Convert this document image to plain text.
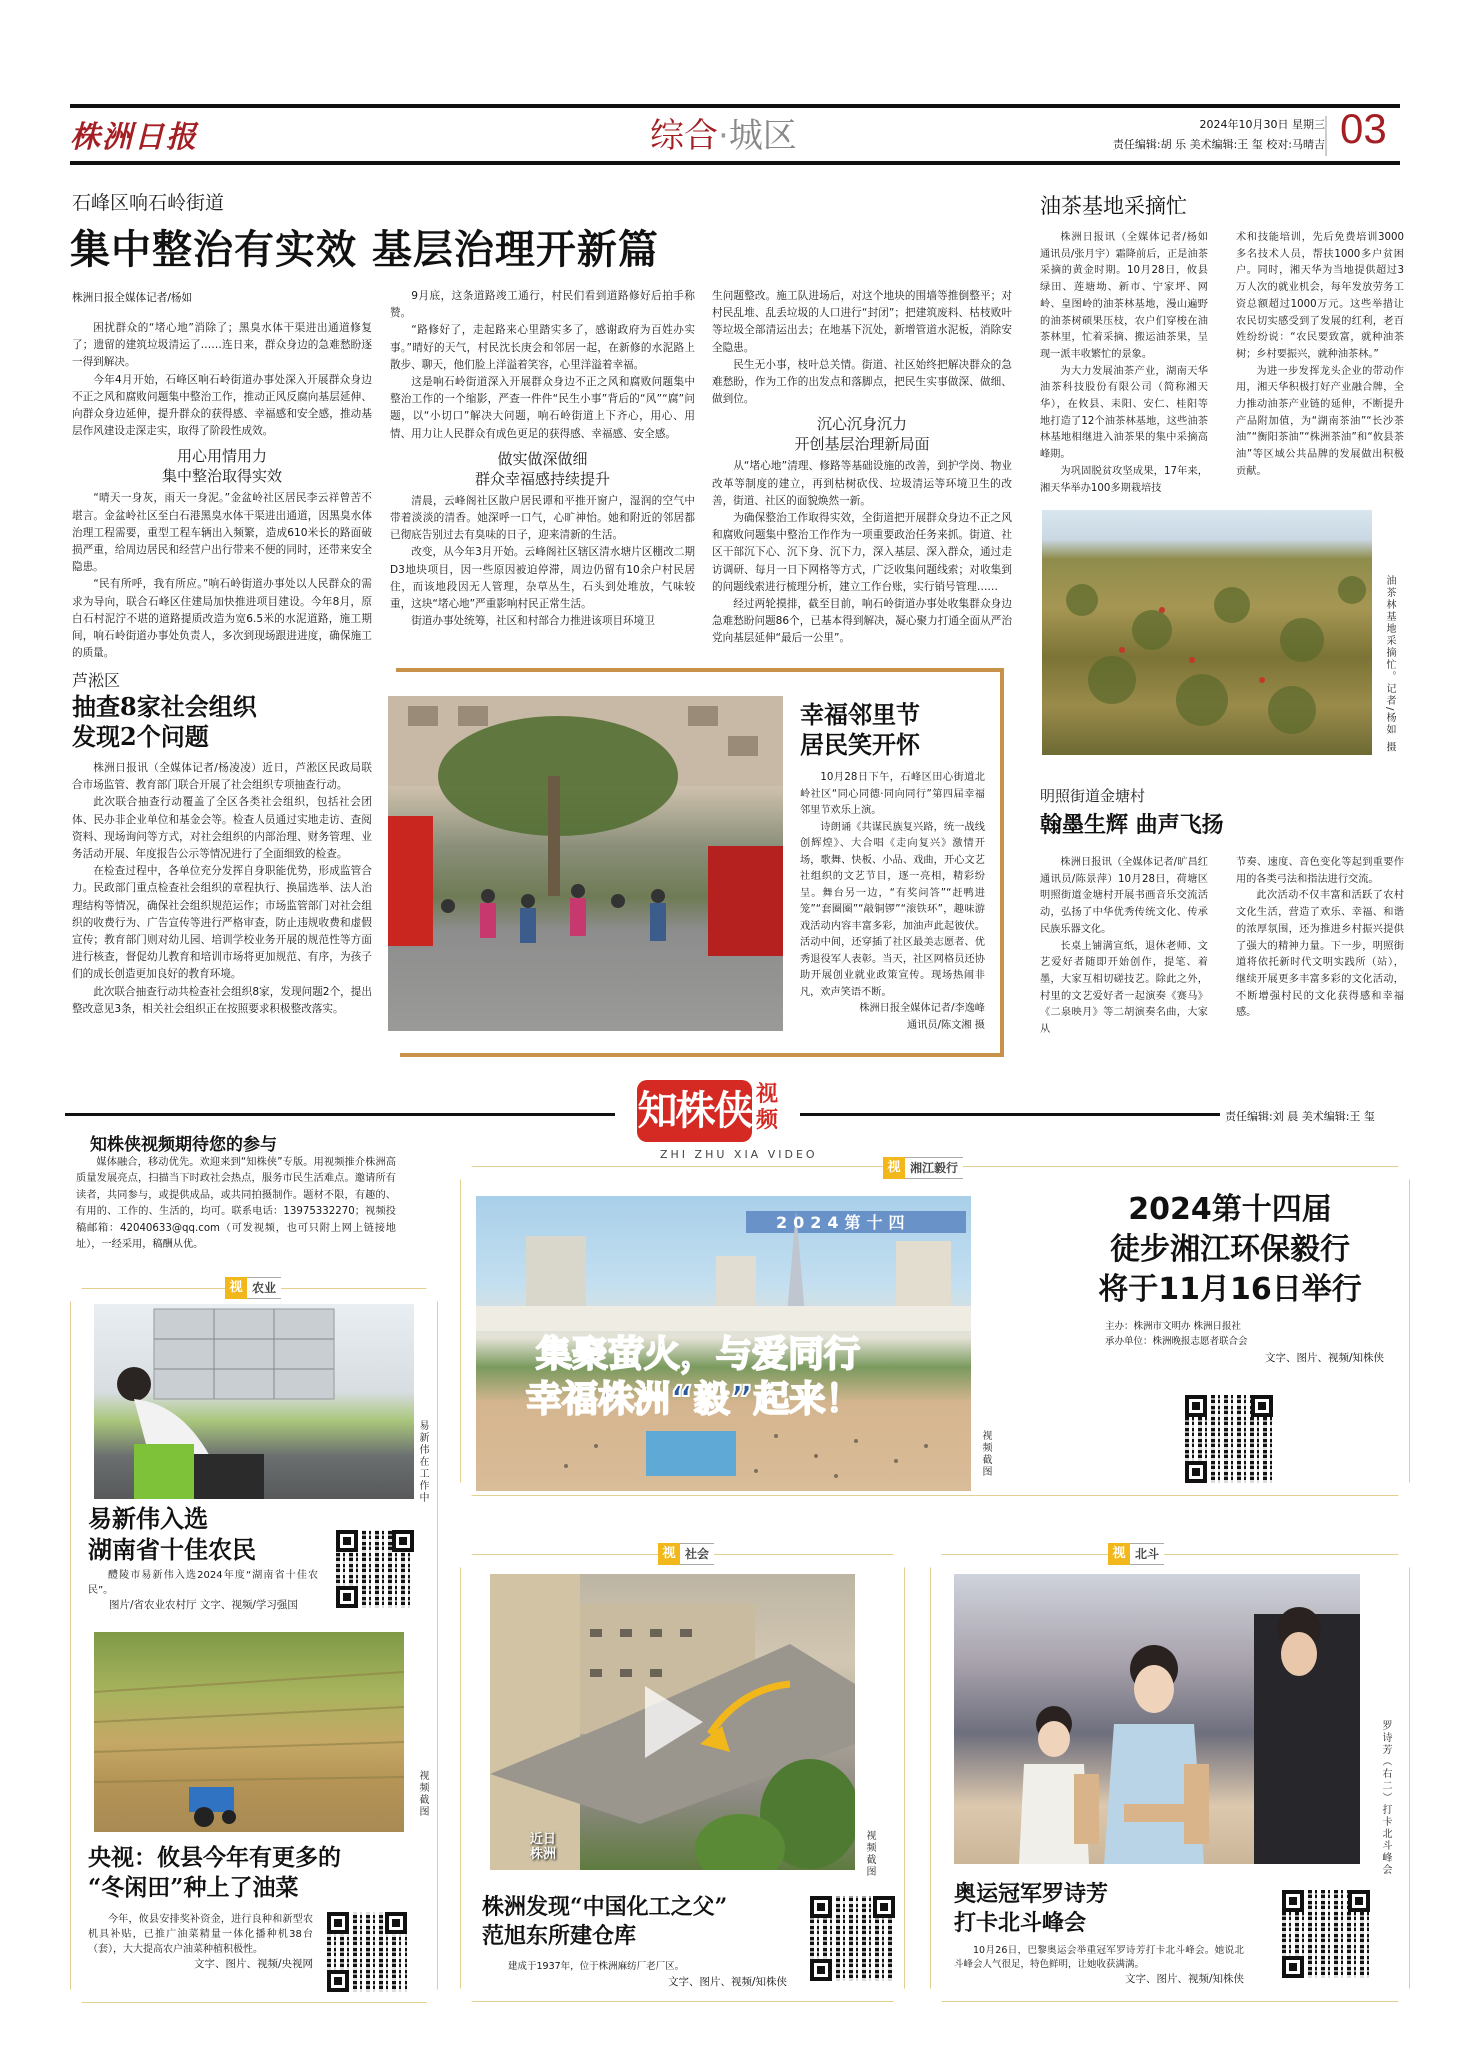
株洲日报	综合·城区	2024年10月30日 星期三
责任编辑:胡 乐 美术编辑:王 玺 校对:马晴吉 03
石峰区响石岭街道
集中整治有实效 基层治理开新篇
株洲日报全媒体记者/杨如

困扰群众的“堵心地”消除了；黑臭水体干渠进出通道修复了；遗留的建筑垃圾清运了……连日来，群众身边的急难愁盼逐一得到解决。

今年4月开始，石峰区响石岭街道办事处深入开展群众身边不正之风和腐败问题集中整治工作，推动正风反腐向基层延伸、向群众身边延伸，提升群众的获得感、幸福感和安全感，推动基层作风建设走深走实，取得了阶段性成效。

用心用情用力
集中整治取得实效

“晴天一身灰，雨天一身泥。”金盆岭社区居民李云祥曾苦不堪言。金盆岭社区至白石港黑臭水体干渠进出通道，因黑臭水体治理工程需要，重型工程车辆出入频繁，造成610米长的路面破损严重，给周边居民和经营户出行带来不便的同时，还带来安全隐患。

“民有所呼，我有所应。”响石岭街道办事处以人民群众的需求为导向，联合石峰区住建局加快推进项目建设。今年8月，原白石村泥泞不堪的道路提质改造为宽6.5米的水泥道路，施工期间，响石岭街道办事处负责人，多次到现场跟进进度，确保施工的质量。

9月底，这条道路竣工通行，村民们看到道路修好后拍手称赞。

“路修好了，走起路来心里踏实多了，感谢政府为百姓办实事。”晴好的天气，村民沈长庚会和邻居一起，在新修的水泥路上散步、聊天，他们脸上洋溢着笑容，心里洋溢着幸福。

这是响石岭街道深入开展群众身边不正之风和腐败问题集中整治工作的一个缩影，严查一件件“民生小事”背后的“风”“腐”问题，以“小切口”解决大问题，响石岭街道上下齐心，用心、用情、用力让人民群众有成色更足的获得感、幸福感、安全感。

做实做深做细
群众幸福感持续提升

清晨，云峰阁社区散户居民谭和平推开窗户，湿润的空气中带着淡淡的清香。她深呼一口气，心旷神怡。她和附近的邻居都已彻底告别过去有臭味的日子，迎来清新的生活。

改变，从今年3月开始。云峰阁社区辖区清水塘片区棚改二期D3地块项目，因一些原因被迫停滞，周边仍留有10余户村民居住，而该地段因无人管理，杂草丛生，石头到处堆放，气味较重，这块“堵心地”严重影响村民正常生活。

街道办事处统筹，社区和村部合力推进该项目环境卫

生问题整改。施工队进场后，对这个地块的围墙等推倒整平；对村民乱堆、乱丢垃圾的人口进行“封闭”；把建筑废料、枯枝败叶等垃圾全部清运出去；在地基下沉处，新增管道水泥板，消除安全隐患。

民生无小事，枝叶总关情。街道、社区始终把解决群众的急难愁盼，作为工作的出发点和落脚点，把民生实事做深、做细、做到位。

沉心沉身沉力
开创基层治理新局面

从“堵心地”清理、修路等基础设施的改善，到护学岗、物业改革等制度的建立，再到枯树砍伐、垃圾清运等环境卫生的改善，街道、社区的面貌焕然一新。

为确保整治工作取得实效，全街道把开展群众身边不正之风和腐败问题集中整治工作作为一项重要政治任务来抓。街道、社区干部沉下心、沉下身、沉下力，深入基层、深入群众，通过走访调研、每月一日下网格等方式，广泛收集问题线索；对收集到的问题线索进行梳理分析，建立工作台账，实行销号管理……

经过两轮摸排，截至目前，响石岭街道办事处收集群众身边急难愁盼问题86个，已基本得到解决，凝心聚力打通全面从严治党向基层延伸“最后一公里”。

油茶基地采摘忙

株洲日报讯（全媒体记者/杨如 通讯员/张月宇）霜降前后，正是油茶采摘的黄金时期。10月28日，攸县绿田、莲塘坳、新市、宁家坪、网岭、皇图岭的油茶林基地，漫山遍野的油茶树硕果压枝，农户们穿梭在油茶林里，忙着采摘、搬运油茶果，呈现一派丰收繁忙的景象。

为大力发展油茶产业，湖南天华油茶科技股份有限公司（简称湘天华），在攸县、耒阳、安仁、桂阳等地打造了12个油茶林基地，这些油茶林基地相继进入油茶果的集中采摘高峰期。

为巩固脱贫攻坚成果，17年来，湘天华举办100多期栽培技

术和技能培训，先后免费培训3000多名技术人员，帮扶1000多户贫困户。同时，湘天华为当地提供超过3万人次的就业机会，每年发放劳务工资总额超过1000万元。这些举措让农民切实感受到了发展的红利，老百姓纷纷说：“农民要致富，就种油茶树；乡村要振兴，就种油茶林。”

为进一步发挥龙头企业的带动作用，湘天华积极打好产业融合牌，全力推动油茶产业链的延伸，不断提升产品附加值，为“湖南茶油”“长沙茶油”“衡阳茶油”“株洲茶油”和“攸县茶油”等区域公共品牌的发展做出积极贡献。

油茶林基地采摘忙。记者/杨如 摄
芦淞区
抽查8家社会组织
发现2个问题

株洲日报讯（全媒体记者/杨凌凌）近日，芦淞区民政局联合市场监管、教育部门联合开展了社会组织专项抽查行动。

此次联合抽查行动覆盖了全区各类社会组织，包括社会团体、民办非企业单位和基金会等。检查人员通过实地走访、查阅资料、现场询问等方式，对社会组织的内部治理、财务管理、业务活动开展、年度报告公示等情况进行了全面细致的检查。

在检查过程中，各单位充分发挥自身职能优势，形成监管合力。民政部门重点检查社会组织的章程执行、换届选举、法人治理结构等情况，确保社会组织规范运作；市场监管部门对社会组织的收费行为、广告宣传等进行严格审查，防止违规收费和虚假宣传；教育部门则对幼儿园、培训学校业务开展的规范性等方面进行核查，督促幼儿教育和培训市场将更加规范、有序，为孩子们的成长创造更加良好的教育环境。

此次联合抽查行动共检查社会组织8家，发现问题2个，提出整改意见3条，相关社会组织正在按照要求积极整改落实。

幸福邻里节
居民笑开怀

10月28日下午，石峰区田心街道北岭社区“同心同德·同向同行”第四届幸福邻里节欢乐上演。

诗朗诵《共谋民族复兴路，统一战线创辉煌》、大合唱《走向复兴》激情开场，歌舞、快板、小品、戏曲，开心文艺社组织的文艺节目，逐一亮相，精彩纷呈。舞台另一边，“有奖问答”“赶鸭进笼”“套圈圈”“敲铜锣”“滚铁环”，趣味游戏活动内容丰富多彩，加油声此起彼伏。活动中间，还穿插了社区最美志愿者、优秀退役军人表彰。当天，社区网格员还协助开展创业就业政策宣传。现场热闹非凡，欢声笑语不断。

株洲日报全媒体记者/李逸峰
通讯员/陈文湘 摄
明照街道金塘村
翰墨生辉 曲声飞扬

株洲日报讯（全媒体记者/旷昌红 通讯员/陈景萍）10月28日，荷塘区明照街道金塘村开展书画音乐交流活动，弘扬了中华优秀传统文化、传承民族乐器文化。

长桌上铺满宣纸，退休老师、文艺爱好者随即开始创作，提笔、着墨，大家互相切磋技艺。除此之外，村里的文艺爱好者一起演奏《赛马》《二泉映月》等二胡演奏名曲，大家从

节奏、速度、音色变化等起到重要作用的各类弓法和指法进行交流。

此次活动不仅丰富和活跃了农村文化生活，营造了欢乐、幸福、和谐的浓厚氛围，还为推进乡村振兴提供了强大的精神力量。下一步，明照街道将依托新时代文明实践所（站），继续开展更多丰富多彩的文化活动，不断增强村民的文化获得感和幸福感。

知株侠 视频
ZHI ZHU XIA VIDEO
责任编辑:刘 晨 美术编辑:王 玺
知株侠视频期待您的参与

媒体融合，移动优先。欢迎来到“知株侠”专版。用视频推介株洲高质量发展亮点，扫描当下时政社会热点，服务市民生活难点。邀请所有读者，共同参与，或提供成品，或共同拍摄制作。题材不限，有趣的、有用的、工作的、生活的，均可。联系电话：13975332270；视频投稿邮箱：42040633@qq.com（可发视频，也可只附上网上链接地址），一经采用，稿酬从优。

视 湘江毅行
集聚萤火，与爱同行
幸福株洲“毅”起来！
2024第十四
视频截图
2024第十四届
徒步湘江环保毅行
将于11月16日举行
主办：株洲市文明办 株洲日报社
承办单位：株洲晚报志愿者联合会
文字、图片、视频/知株侠
视 农业
易新伟在工作中
易新伟入选
湖南省十佳农民

醴陵市易新伟入选2024年度“湖南省十佳农民”。

图片/省农业农村厅 文字、视频/学习强国

视频截图
央视：攸县今年有更多的
“冬闲田”种上了油菜

今年，攸县安排奖补资金，进行良种和新型农机具补贴，已推广油菜精量一体化播种机38台（套），大大提高农户油菜种植积极性。

文字、图片、视频/央视网

视 社会
近日
株洲	视频截图
株洲发现“中国化工之父”
范旭东所建仓库
建成于1937年，位于株洲麻纺厂老厂区。
文字、图片、视频/知株侠
视 北斗
罗诗芳（右二）打卡北斗峰会
奥运冠军罗诗芳
打卡北斗峰会

10月26日，巴黎奥运会举重冠军罗诗芳打卡北斗峰会。她说北斗峰会人气很足，特色鲜明，让她收获满满。

文字、图片、视频/知株侠
